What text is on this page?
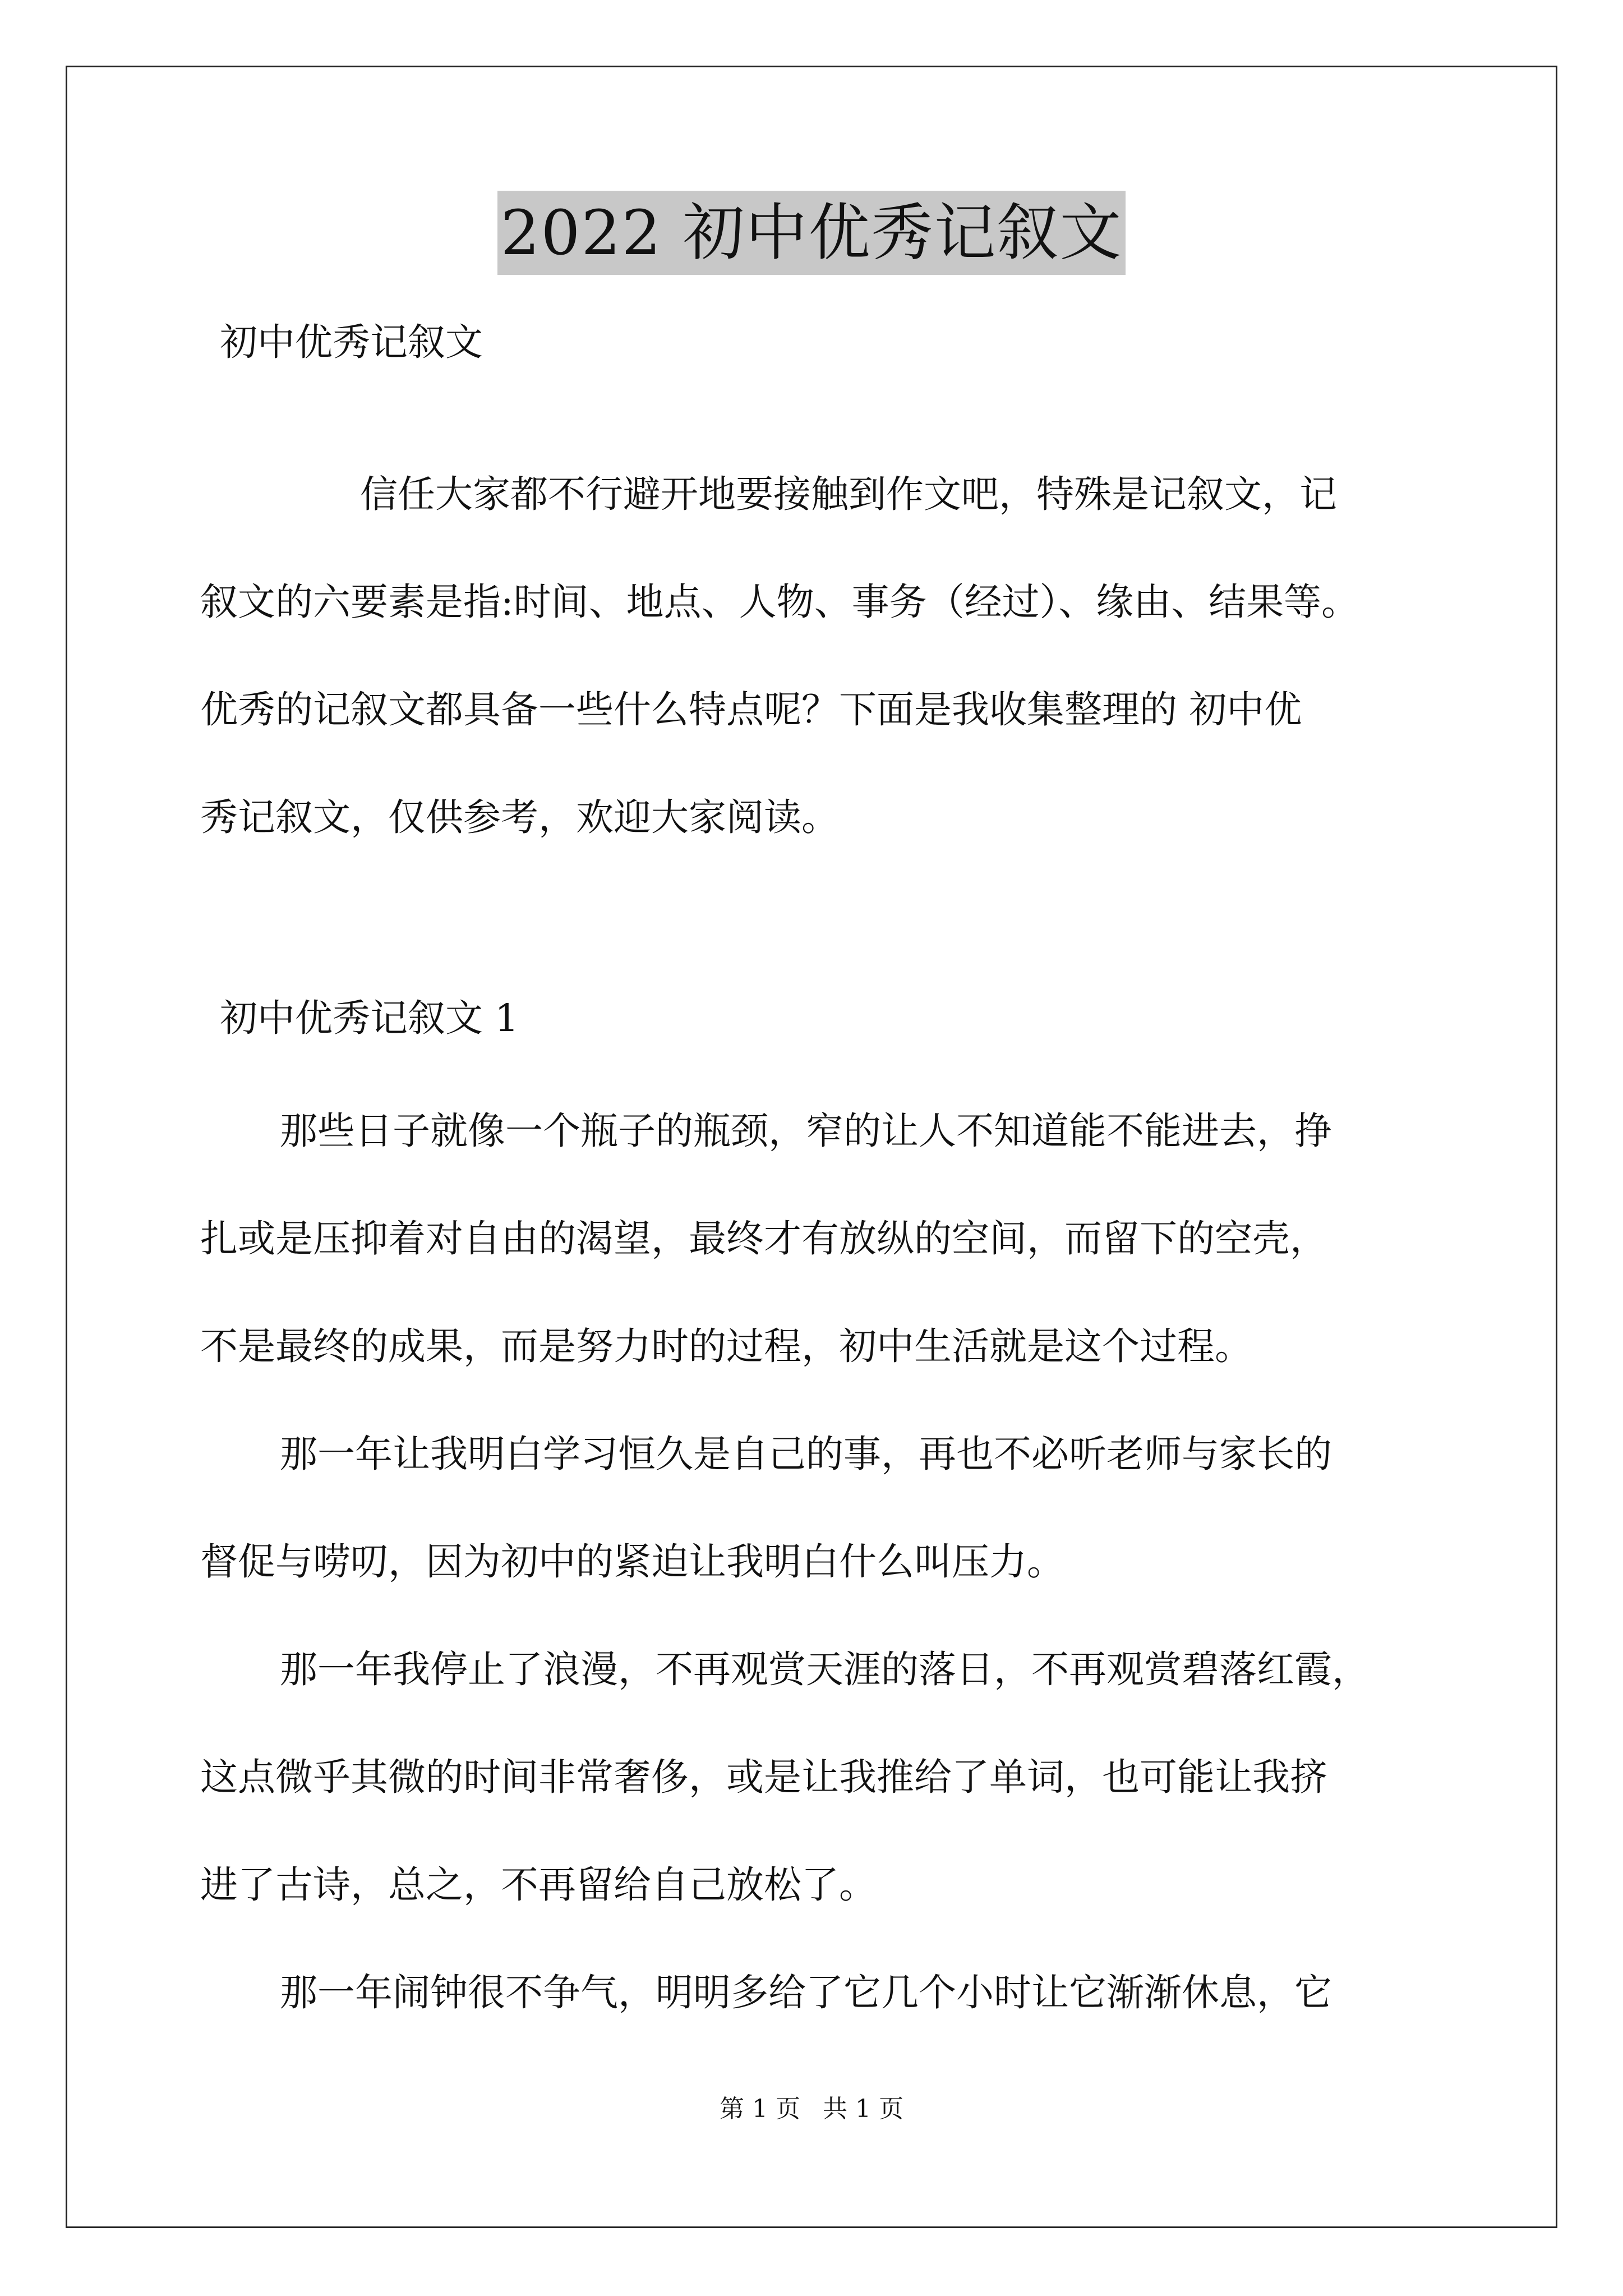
2022 初中优秀记叙文
初中优秀记叙文
信任大家都不行避开地要接触到作文吧，特殊是记叙文，记
叙文的六要素是指:时间、地点、人物、事务（经过）、缘由、结果等。
优秀的记叙文都具备一些什么特点呢？下面是我收集整理的 初中优
秀记叙文，仅供参考，欢迎大家阅读。
初中优秀记叙文 1
那些日子就像一个瓶子的瓶颈，窄的让人不知道能不能进去，挣
扎或是压抑着对自由的渴望，最终才有放纵的空间，而留下的空壳，
不是最终的成果，而是努力时的过程，初中生活就是这个过程。
那一年让我明白学习恒久是自己的事，再也不必听老师与家长的
督促与唠叨，因为初中的紧迫让我明白什么叫压力。
那一年我停止了浪漫，不再观赏天涯的落日，不再观赏碧落红霞，
这点微乎其微的时间非常奢侈，或是让我推给了单词，也可能让我挤
进了古诗，总之，不再留给自己放松了。
那一年闹钟很不争气，明明多给了它几个小时让它渐渐休息，它
第 1 页 共 1 页
